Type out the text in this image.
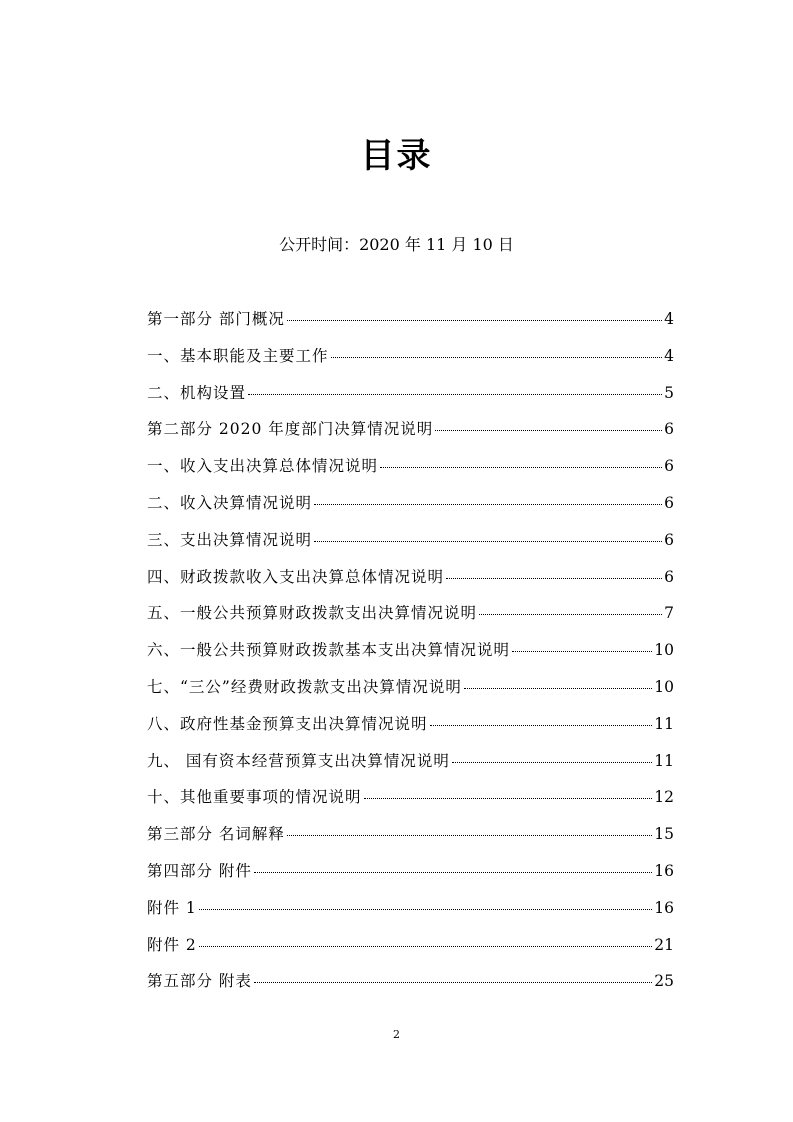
目录
公开时间：2020 年 11 月 10 日
第一部分 部门概况	4
一、基本职能及主要工作	4
二、机构设置	5
第二部分 2020 年度部门决算情况说明	6
一、收入支出决算总体情况说明	6
二、收入决算情况说明	6
三、支出决算情况说明	6
四、财政拨款收入支出决算总体情况说明	6
五、一般公共预算财政拨款支出决算情况说明	7
六、一般公共预算财政拨款基本支出决算情况说明	10
七、“三公”经费财政拨款支出决算情况说明	10
八、政府性基金预算支出决算情况说明	11
九、 国有资本经营预算支出决算情况说明	11
十、其他重要事项的情况说明	12
第三部分 名词解释	15
第四部分 附件	16
附件 1	16
附件 2	21
第五部分 附表	25
2
